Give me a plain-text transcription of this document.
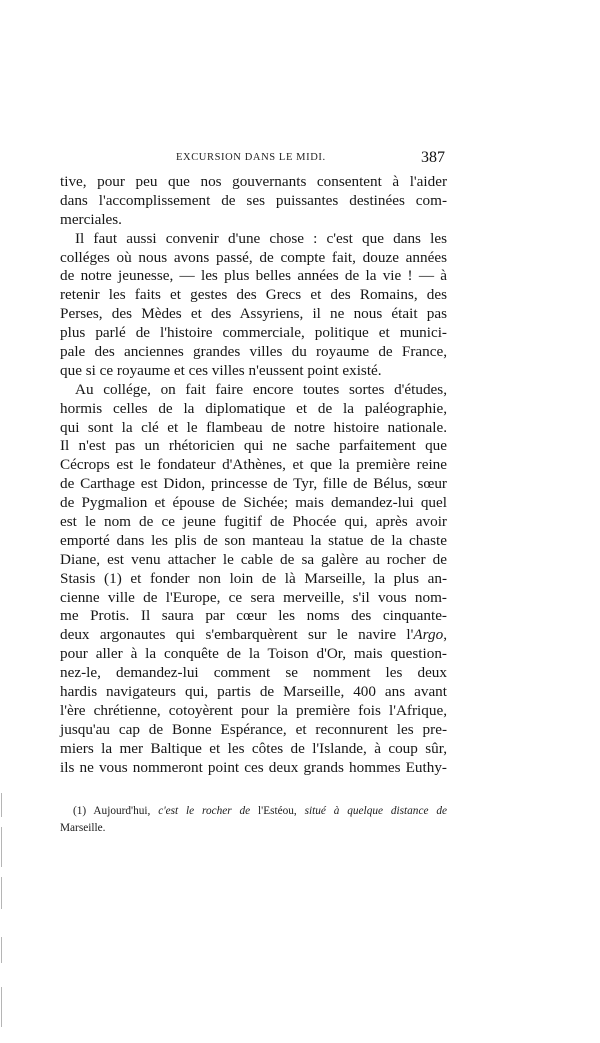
EXCURSION DANS LE MIDI.	387
tive, pour peu que nos gouvernants consentent à l'aider
dans l'accomplissement de ses puissantes destinées com-
merciales.
Il faut aussi convenir d'une chose : c'est que dans les
colléges où nous avons passé, de compte fait, douze années
de notre jeunesse, — les plus belles années de la vie ! — à
retenir les faits et gestes des Grecs et des Romains, des
Perses, des Mèdes et des Assyriens, il ne nous était pas
plus parlé de l'histoire commerciale, politique et munici-
pale des anciennes grandes villes du royaume de France,
que si ce royaume et ces villes n'eussent point existé.
Au collége, on fait faire encore toutes sortes d'études,
hormis celles de la diplomatique et de la paléographie,
qui sont la clé et le flambeau de notre histoire nationale.
Il n'est pas un rhétoricien qui ne sache parfaitement que
Cécrops est le fondateur d'Athènes, et que la première reine
de Carthage est Didon, princesse de Tyr, fille de Bélus, sœur
de Pygmalion et épouse de Sichée; mais demandez-lui quel
est le nom de ce jeune fugitif de Phocée qui, après avoir
emporté dans les plis de son manteau la statue de la chaste
Diane, est venu attacher le cable de sa galère au rocher de
Stasis (1) et fonder non loin de là Marseille, la plus an-
cienne ville de l'Europe, ce sera merveille, s'il vous nom-
me Protis. Il saura par cœur les noms des cinquante-
deux argonautes qui s'embarquèrent sur le navire l'Argo,
pour aller à la conquête de la Toison d'Or, mais question-
nez-le, demandez-lui comment se nomment les deux
hardis navigateurs qui, partis de Marseille, 400 ans avant
l'ère chrétienne, cotoyèrent pour la première fois l'Afrique,
jusqu'au cap de Bonne Espérance, et reconnurent les pre-
miers la mer Baltique et les côtes de l'Islande, à coup sûr,
ils ne vous nommeront point ces deux grands hommes Euthy-
(1) Aujourd'hui, c'est le rocher de l'Estéou, situé à quelque distance de
Marseille.
